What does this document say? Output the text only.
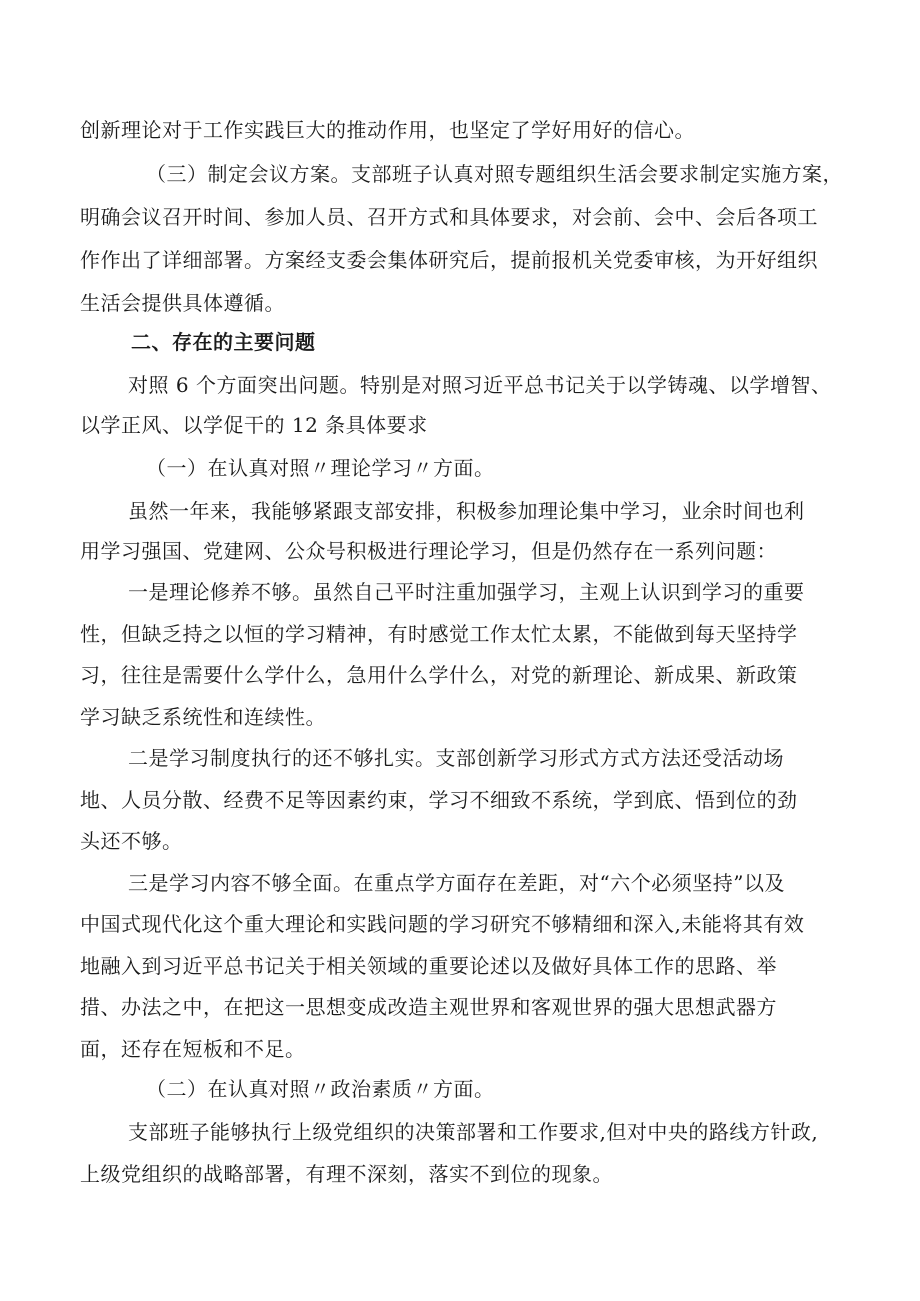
创新理论对于工作实践巨大的推动作用，也坚定了学好用好的信心。
（三）制定会议方案。支部班子认真对照专题组织生活会要求制定实施方案，
明确会议召开时间、参加人员、召开方式和具体要求，对会前、会中、会后各项工
作作出了详细部署。方案经支委会集体研究后，提前报机关党委审核，为开好组织
生活会提供具体遵循。
二、存在的主要问题
对照 6 个方面突出问题。特别是对照习近平总书记关于以学铸魂、以学增智、
以学正风、以学促干的 12 条具体要求
（一）在认真对照〃理论学习〃方面。
虽然一年来，我能够紧跟支部安排，积极参加理论集中学习，业余时间也利
用学习强国、党建网、公众号积极进行理论学习，但是仍然存在一系列问题：
一是理论修养不够。虽然自己平时注重加强学习，主观上认识到学习的重要
性，但缺乏持之以恒的学习精神，有时感觉工作太忙太累，不能做到每天坚持学
习，往往是需要什么学什么，急用什么学什么，对党的新理论、新成果、新政策
学习缺乏系统性和连续性。
二是学习制度执行的还不够扎实。支部创新学习形式方式方法还受活动场
地、人员分散、经费不足等因素约束，学习不细致不系统，学到底、悟到位的劲
头还不够。
三是学习内容不够全面。在重点学方面存在差距，对“六个必须坚持”以及
中国式现代化这个重大理论和实践问题的学习研究不够精细和深入,未能将其有效
地融入到习近平总书记关于相关领域的重要论述以及做好具体工作的思路、举
措、办法之中，在把这一思想变成改造主观世界和客观世界的强大思想武器方
面，还存在短板和不足。
（二）在认真对照〃政治素质〃方面。
支部班子能够执行上级党组织的决策部署和工作要求,但对中央的路线方针政,
上级党组织的战略部署，有理不深刻，落实不到位的现象。
